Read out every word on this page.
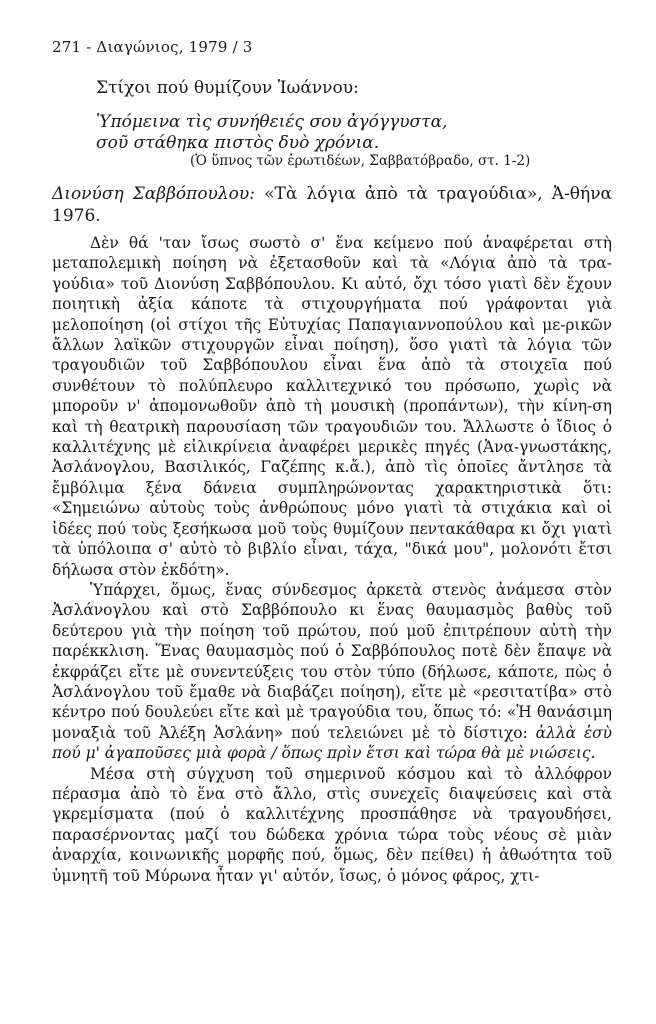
271 - Διαγώνιος, 1979 / 3
Στίχοι πού θυμίζουν Ἰωάννου:
Ὑπόμεινα τὶς συνήθειές σου ἀγόγγυστα,
σοῦ στάθηκα πιστὸς δυὸ χρόνια.
(Ὁ ὕπνος τῶν ἐρωτιδέων, Σαββατόβραδο, στ. 1-2)
Διονύση Σαββόπουλου: «Τὰ λόγια ἀπὸ τὰ τραγούδια», Ἀ-θήνα 1976.

Δὲν θά 'ταν ἴσως σωστὸ σ' ἕνα κείμενο πού ἀναφέρεται στὴ μεταπολεμικὴ ποίηση νὰ ἐξετασθοῦν καὶ τὰ «Λόγια ἀπὸ τὰ τρα-γούδια» τοῦ Διονύση Σαββόπουλου. Κι αὐτό, ὄχι τόσο γιατὶ δὲν ἔχουν ποιητικὴ ἀξία κάποτε τὰ στιχουργήματα πού γράφονται γιὰ μελοποίηση (οἱ στίχοι τῆς Εὐτυχίας Παπαγιαννοπούλου καὶ με-ρικῶν ἄλλων λαϊκῶν στιχουργῶν εἶναι ποίηση), ὅσο γιατὶ τὰ λόγια τῶν τραγουδιῶν τοῦ Σαββόπουλου εἶναι ἕνα ἀπὸ τὰ στοιχεῖα πού συνθέτουν τὸ πολύπλευρο καλλιτεχνικό του πρόσωπο, χωρὶς νὰ μποροῦν ν' ἀπομονωθοῦν ἀπὸ τὴ μουσικὴ (προπάντων), τὴν κίνη-ση καὶ τὴ θεατρικὴ παρουσίαση τῶν τραγουδιῶν του. Ἄλλωστε ὁ ἴδιος ὁ καλλιτέχνης μὲ εἰλικρίνεια ἀναφέρει μερικὲς πηγές (Ἀνα-γνωστάκης, Ἀσλάνογλου, Βασιλικός, Γαζέπης κ.ἄ.), ἀπὸ τὶς ὁποῖες ἄντλησε τὰ ἔμβόλιμα ξένα δάνεια συμπληρώνοντας χαρακτηριστικὰ ὅτι: «Σημειώνω αὐτοὺς τοὺς ἀνθρώπους μόνο γιατὶ τὰ στιχάκια καὶ οἱ ἰδέες πού τοὺς ξεσήκωσα μοῦ τοὺς θυμίζουν πεντακάθαρα κι ὄχι γιατὶ τὰ ὑπόλοιπα σ' αὐτὸ τὸ βιβλίο εἶναι, τάχα, "δικά μου", μολονότι ἔτσι δήλωσα στὸν ἐκδότη».

Ὑπάρχει, ὅμως, ἕνας σύνδεσμος ἀρκετὰ στενὸς ἀνάμεσα στὸν Ἀσλάνογλου καὶ στὸ Σαββόπουλο κι ἕνας θαυμασμὸς βαθὺς τοῦ δεύτερου γιὰ τὴν ποίηση τοῦ πρώτου, πού μοῦ ἐπιτρέπουν αὐτὴ τὴν παρέκκλιση. Ἕνας θαυμασμὸς πού ὁ Σαββόπουλος ποτὲ δὲν ἔπαψε νὰ ἐκφράζει εἴτε μὲ συνεντεύξεις του στὸν τύπο (δήλωσε, κάποτε, πὼς ὁ Ἀσλάνογλου τοῦ ἔμαθε νὰ διαβάζει ποίηση), εἴτε μὲ «ρεσιτατίβα» στὸ κέντρο πού δουλεύει εἴτε καὶ μὲ τραγούδια του, ὅπως τό: «Ἡ θανάσιμη μοναξιὰ τοῦ Ἀλέξη Ἀσλάνη» πού τελειώνει μὲ τὸ δίστιχο: ἀλλὰ ἐσὺ πού μ' ἀγαποῦσες μιὰ φορὰ / ὅπως πρὶν ἔτσι καὶ τώρα θὰ μὲ νιώσεις.

Μέσα στὴ σύγχυση τοῦ σημερινοῦ κόσμου καὶ τὸ ἀλλόφρον πέρασμα ἀπὸ τὸ ἕνα στὸ ἄλλο, στὶς συνεχεῖς διαψεύσεις καὶ στὰ γκρεμίσματα (πού ὁ καλλιτέχνης προσπάθησε νὰ τραγουδήσει, παρασέρνοντας μαζί του δώδεκα χρόνια τώρα τοὺς νέους σὲ μιὰν ἀναρχία, κοινωνικῆς μορφῆς πού, ὅμως, δὲν πείθει) ἡ ἀθωότητα τοῦ ὑμνητῆ τοῦ Μύρωνα ἦταν γι' αὐτόν, ἴσως, ὁ μόνος φάρος, χτι-
